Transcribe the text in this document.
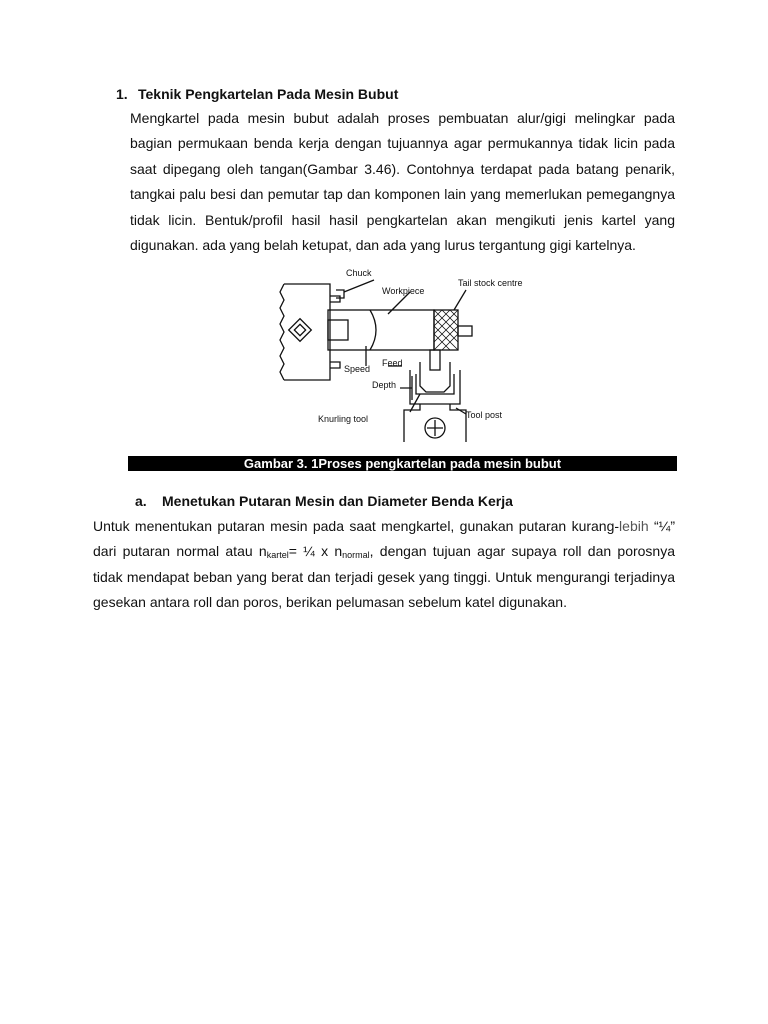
1. Teknik Pengkartelan Pada Mesin Bubut
Mengkartel pada mesin bubut adalah proses pembuatan alur/gigi melingkar pada bagian permukaan benda kerja dengan tujuannya agar permukannya tidak licin pada saat dipegang oleh tangan(Gambar 3.46). Contohnya terdapat pada batang penarik, tangkai palu besi dan pemutar tap dan komponen lain yang memerlukan pemegangnya tidak licin. Bentuk/profil hasil hasil pengkartelan akan mengikuti jenis kartel yang digunakan. ada yang belah ketupat, dan ada yang lurus tergantung gigi kartelnya.
Chuck
Workpiece
Tail stock centre
Speed
Feed
Depth
Knurling tool	Tool post
Gambar 3. 1Proses pengkartelan pada mesin bubut
a. Menetukan Putaran Mesin dan Diameter Benda Kerja
Untuk menentukan putaran mesin pada saat mengkartel, gunakan putaran kurang-lebih “¼” dari putaran normal atau $n_{kartel}=$ ¼ x $n_{normal}$, dengan tujuan agar supaya roll dan porosnya tidak mendapat beban yang berat dan terjadi gesek yang tinggi. Untuk mengurangi terjadinya gesekan antara roll dan poros, berikan pelumasan sebelum katel digunakan.
